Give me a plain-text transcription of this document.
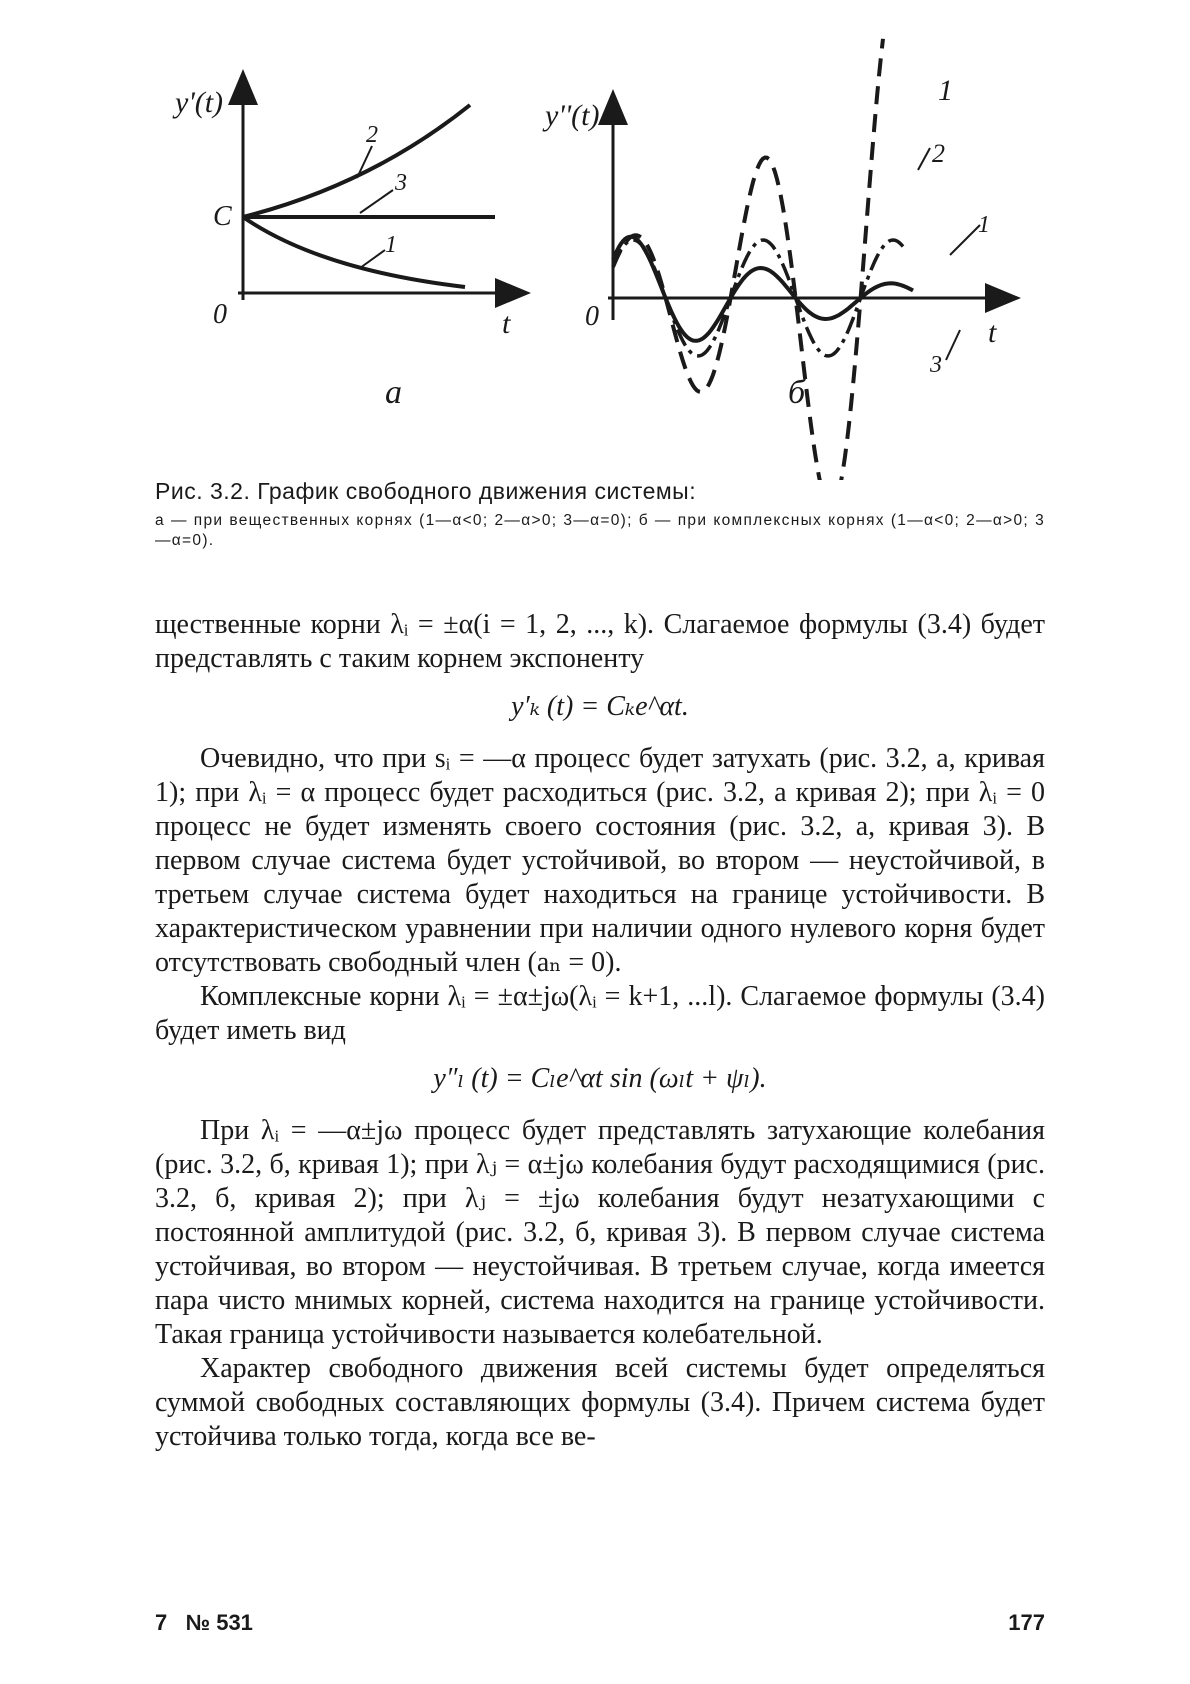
y'(t)
C
0	t
2
3
1
а
y''(t)
0	t
1
2
1
3
б
Рис. 3.2. График свободного движения системы:
а — при вещественных корнях (1—α<0; 2—α>0; 3—α=0); б — при комплексных корнях (1—α<0; 2—α>0; 3—α=0).

щественные корни λᵢ = ±α(i = 1, 2, ..., k). Слагаемое формулы (3.4) будет представлять с таким корнем экспоненту

y′ₖ (t) = Cₖe^αt.

Очевидно, что при sᵢ = —α процесс будет затухать (рис. 3.2, а, кривая 1); при λᵢ = α процесс будет расходиться (рис. 3.2, а кривая 2); при λᵢ = 0 процесс не будет изменять своего состояния (рис. 3.2, а, кривая 3). В первом случае система будет устойчивой, во втором — неустойчивой, в третьем случае система будет находиться на границе устойчивости. В характеристическом уравнении при наличии одного нулевого корня будет отсутствовать свободный член (aₙ = 0).

Комплексные корни λᵢ = ±α±jω(λᵢ = k+1, ...l). Слагаемое формулы (3.4) будет иметь вид

y″ₗ (t) = Cₗe^αt sin (ωₗt + ψₗ).

При λᵢ = —α±jω процесс будет представлять затухающие колебания (рис. 3.2, б, кривая 1); при λⱼ = α±jω колебания будут расходящимися (рис. 3.2, б, кривая 2); при λⱼ = ±jω колебания будут незатухающими с постоянной амплитудой (рис. 3.2, б, кривая 3). В первом случае система устойчивая, во втором — неустойчивая. В третьем случае, когда имеется пара чисто мнимых корней, система находится на границе устойчивости. Такая граница устойчивости называется колебательной.

Характер свободного движения всей системы будет определяться суммой свободных составляющих формулы (3.4). Причем система будет устойчива только тогда, когда все ве-

7   № 531	177
